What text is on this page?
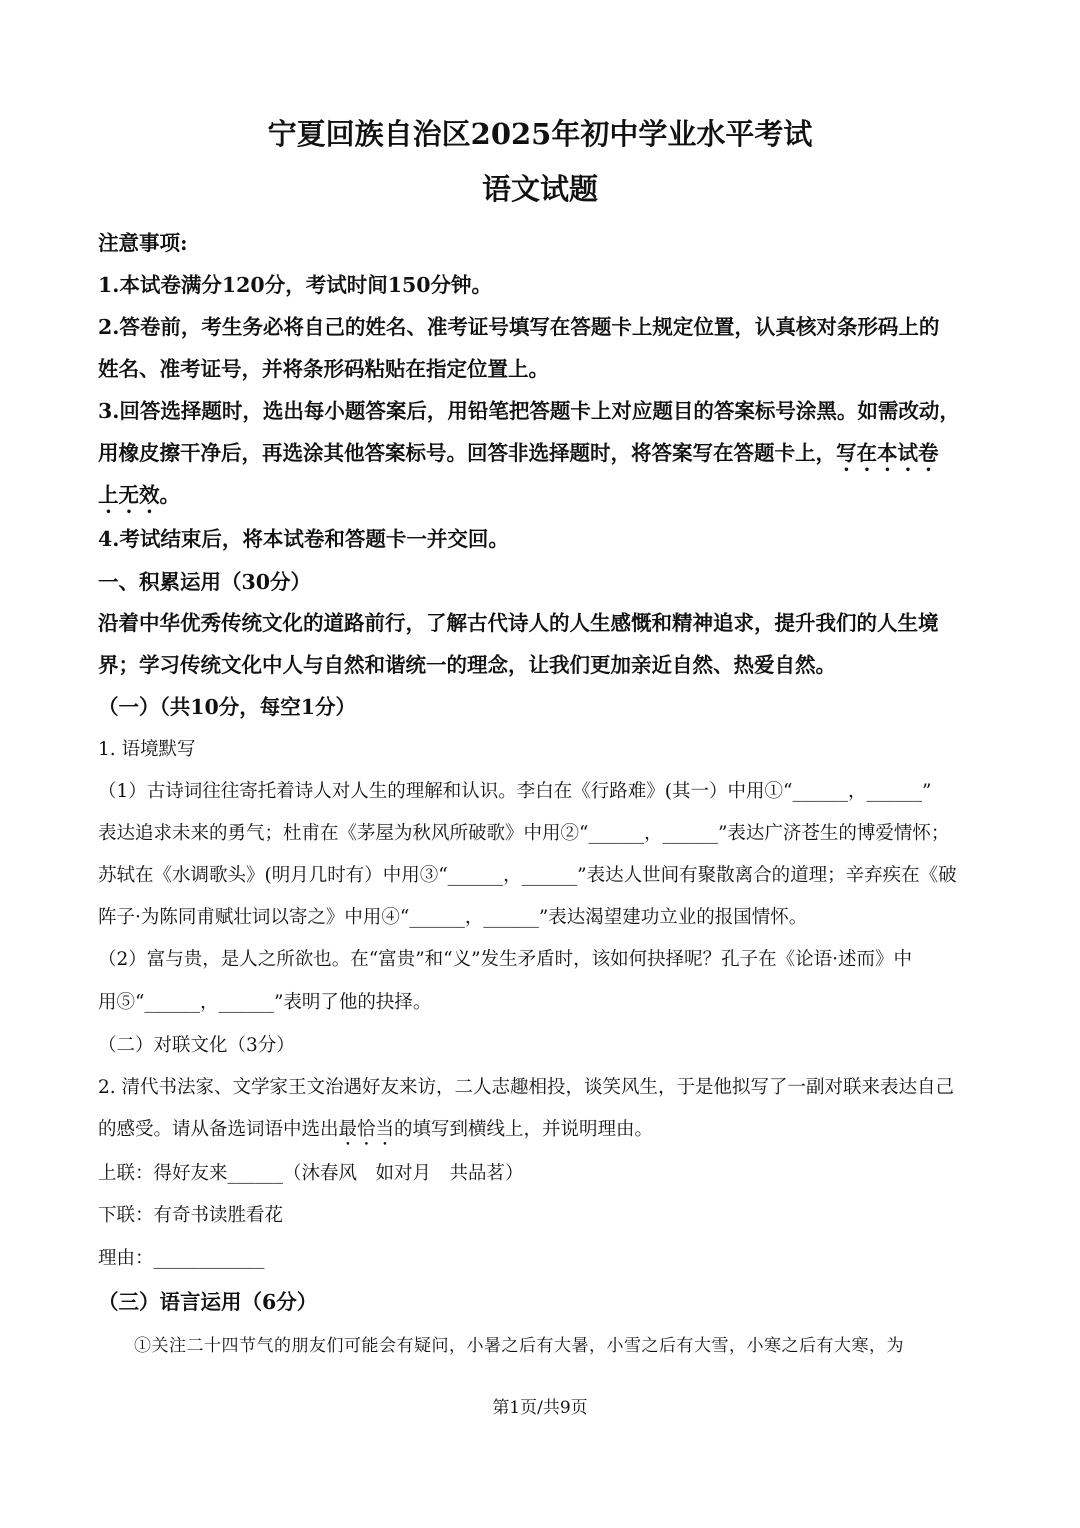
宁夏回族自治区2025年初中学业水平考试
语文试题
注意事项:
1.本试卷满分120分，考试时间150分钟。
2.答卷前，考生务必将自己的姓名、准考证号填写在答题卡上规定位置，认真核对条形码上的
姓名、准考证号，并将条形码粘贴在指定位置上。
3.回答选择题时，选出每小题答案后，用铅笔把答题卡上对应题目的答案标号涂黑。如需改动，
用橡皮擦干净后，再选涂其他答案标号。回答非选择题时，将答案写在答题卡上，写在本试卷
上无效。
4.考试结束后，将本试卷和答题卡一并交回。
一、积累运用（30分）
沿着中华优秀传统文化的道路前行，了解古代诗人的人生感慨和精神追求，提升我们的人生境
界；学习传统文化中人与自然和谐统一的理念，让我们更加亲近自然、热爱自然。
（一）（共10分，每空1分）
1. 语境默写
（1）古诗词往往寄托着诗人对人生的理解和认识。李白在《行路难》(其一）中用①“______，______”
表达追求未来的勇气；杜甫在《茅屋为秋风所破歌》中用②“______，______”表达广济苍生的博爱情怀；
苏轼在《水调歌头》(明月几时有）中用③“______，______”表达人世间有聚散离合的道理；辛弃疾在《破
阵子·为陈同甫赋壮词以寄之》中用④“______，______”表达渴望建功立业的报国情怀。
（2）富与贵，是人之所欲也。在“富贵”和“义”发生矛盾时，该如何抉择呢？孔子在《论语·述而》中
用⑤“______，______”表明了他的抉择。
（二）对联文化（3分）
2. 清代书法家、文学家王文治遇好友来访，二人志趣相投，谈笑风生，于是他拟写了一副对联来表达自己
的感受。请从备选词语中选出最恰当的填写到横线上，并说明理由。
上联：得好友来______（沐春风　如对月　共品茗）
下联：有奇书读胜看花
理由：____________
（三）语言运用（6分）
①关注二十四节气的朋友们可能会有疑问，小暑之后有大暑，小雪之后有大雪，小寒之后有大寒，为
第1页/共9页
